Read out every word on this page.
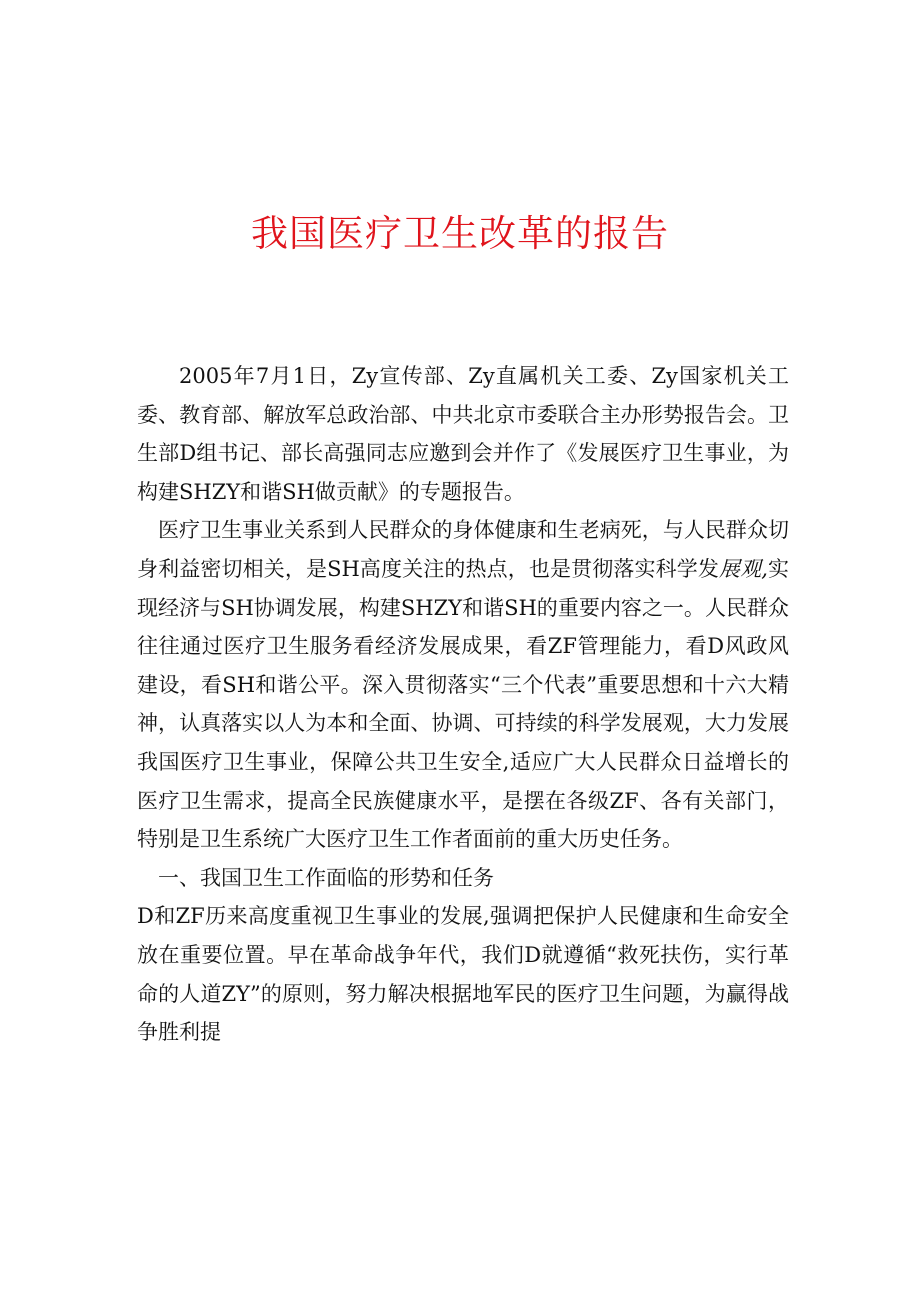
我国医疗卫生改革的报告

2005年7月1日，Zy宣传部、Zy直属机关工委、Zy国家机关工委、教育部、解放军总政治部、中共北京市委联合主办形势报告会。卫生部D组书记、部长高强同志应邀到会并作了《发展医疗卫生事业，为构建SHZY和谐SH做贡献》的专题报告。

医疗卫生事业关系到人民群众的身体健康和生老病死，与人民群众切身利益密切相关，是SH高度关注的热点，也是贯彻落实科学发展观,实现经济与SH协调发展，构建SHZY和谐SH的重要内容之一。人民群众往往通过医疗卫生服务看经济发展成果，看ZF管理能力，看D风政风建设，看SH和谐公平。深入贯彻落实“三个代表”重要思想和十六大精神，认真落实以人为本和全面、协调、可持续的科学发展观，大力发展我国医疗卫生事业，保障公共卫生安全,适应广大人民群众日益增长的医疗卫生需求，提高全民族健康水平，是摆在各级ZF、各有关部门，特别是卫生系统广大医疗卫生工作者面前的重大历史任务。

一、我国卫生工作面临的形势和任务

D和ZF历来高度重视卫生事业的发展,强调把保护人民健康和生命安全放在重要位置。早在革命战争年代，我们D就遵循“救死扶伤，实行革命的人道ZY”的原则，努力解决根据地军民的医疗卫生问题，为赢得战争胜利提
